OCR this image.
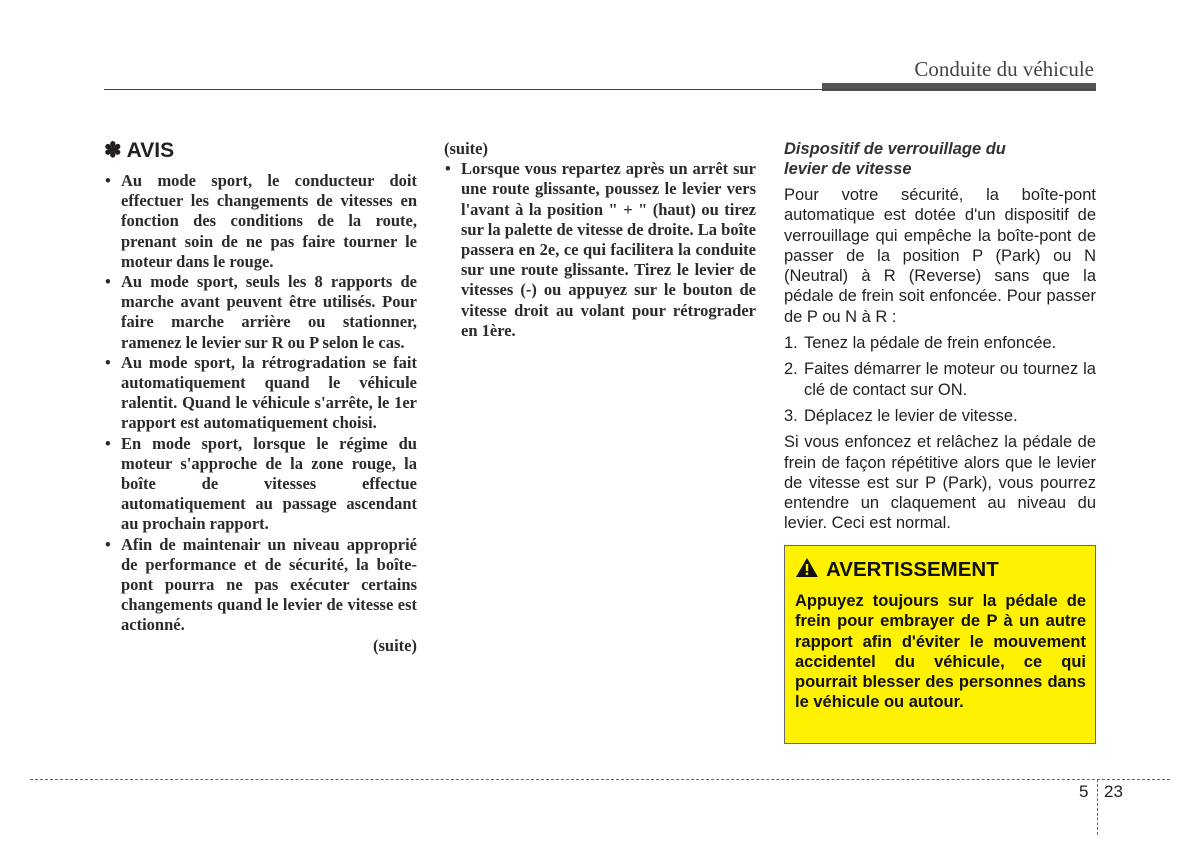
Conduite du véhicule
✽ AVIS
• Au mode sport, le conducteur doit effectuer les changements de vitesses en fonction des conditions de la route, prenant soin de ne pas faire tourner le moteur dans le rouge.
• Au mode sport, seuls les 8 rapports de marche avant peuvent être utilisés. Pour faire marche arrière ou stationner, ramenez le levier sur R ou P selon le cas.
• Au mode sport, la rétrogradation se fait automatiquement quand le véhicule ralentit. Quand le véhicule s'arrête, le 1er rapport est automatiquement choisi.
• En mode sport, lorsque le régime du moteur s'approche de la zone rouge, la boîte de vitesses effectue automatiquement au passage ascendant au prochain rapport.
• Afin de maintenair un niveau approprié de performance et de sécurité, la boîte-pont pourra ne pas exécuter certains changements quand le levier de vitesse est actionné.
(suite)
(suite)
• Lorsque vous repartez après un arrêt sur une route glissante, poussez le levier vers l'avant à la position " + " (haut) ou tirez sur la palette de vitesse de droite. La boîte passera en 2e, ce qui facilitera la conduite sur une route glissante. Tirez le levier de vitesses (-) ou appuyez sur le bouton de vitesse droit au volant pour rétrograder en 1ère.
Dispositif de verrouillage du
levier de vitesse

Pour votre sécurité, la boîte-pont automatique est dotée d'un dispositif de verrouillage qui empêche la boîte-pont de passer de la position P (Park) ou N (Neutral) à R (Reverse) sans que la pédale de frein soit enfoncée. Pour passer de P ou N à R :

1. Tenez la pédale de frein enfoncée.
2. Faites démarrer le moteur ou tournez la clé de contact sur ON.
3. Déplacez le levier de vitesse.

Si vous enfoncez et relâchez la pédale de frein de façon répétitive alors que le levier de vitesse est sur P (Park), vous pourrez entendre un claquement au niveau du levier. Ceci est normal.

AVERTISSEMENT

Appuyez toujours sur la pédale de frein pour embrayer de P à un autre rapport afin d'éviter le mouvement accidentel du véhicule, ce qui pourrait blesser des personnes dans le véhicule ou autour.

5 23
